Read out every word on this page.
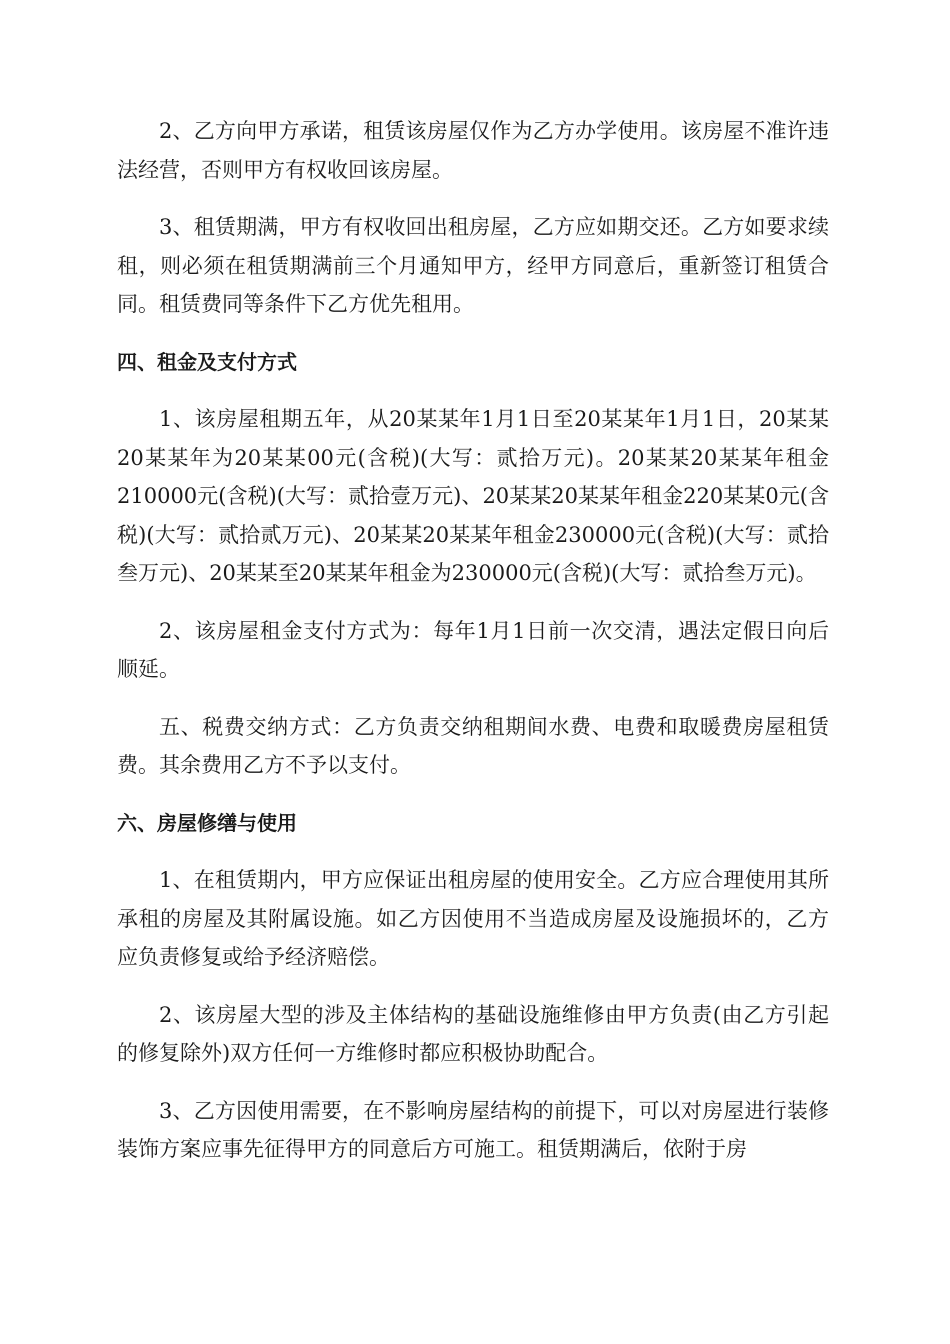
2、乙方向甲方承诺，租赁该房屋仅作为乙方办学使用。该房屋不准许违法经营，否则甲方有权收回该房屋。

3、租赁期满，甲方有权收回出租房屋，乙方应如期交还。乙方如要求续租，则必须在租赁期满前三个月通知甲方，经甲方同意后，重新签订租赁合同。租赁费同等条件下乙方优先租用。

四、租金及支付方式

1、该房屋租期五年，从20某某年1月1日至20某某年1月1日，20某某20某某年为20某某00元(含税)(大写：贰拾万元)。20某某20某某年租金210000元(含税)(大写：贰拾壹万元)、20某某20某某年租金220某某0元(含税)(大写：贰拾贰万元)、20某某20某某年租金230000元(含税)(大写：贰拾叁万元)、20某某至20某某年租金为230000元(含税)(大写：贰拾叁万元)。

2、该房屋租金支付方式为：每年1月1日前一次交清，遇法定假日向后顺延。

五、税费交纳方式：乙方负责交纳租期间水费、电费和取暖费房屋租赁费。其余费用乙方不予以支付。

六、房屋修缮与使用

1、在租赁期内，甲方应保证出租房屋的使用安全。乙方应合理使用其所承租的房屋及其附属设施。如乙方因使用不当造成房屋及设施损坏的，乙方应负责修复或给予经济赔偿。

2、该房屋大型的涉及主体结构的基础设施维修由甲方负责(由乙方引起的修复除外)双方任何一方维修时都应积极协助配合。

3、乙方因使用需要，在不影响房屋结构的前提下，可以对房屋进行装修装饰方案应事先征得甲方的同意后方可施工。租赁期满后，依附于房
